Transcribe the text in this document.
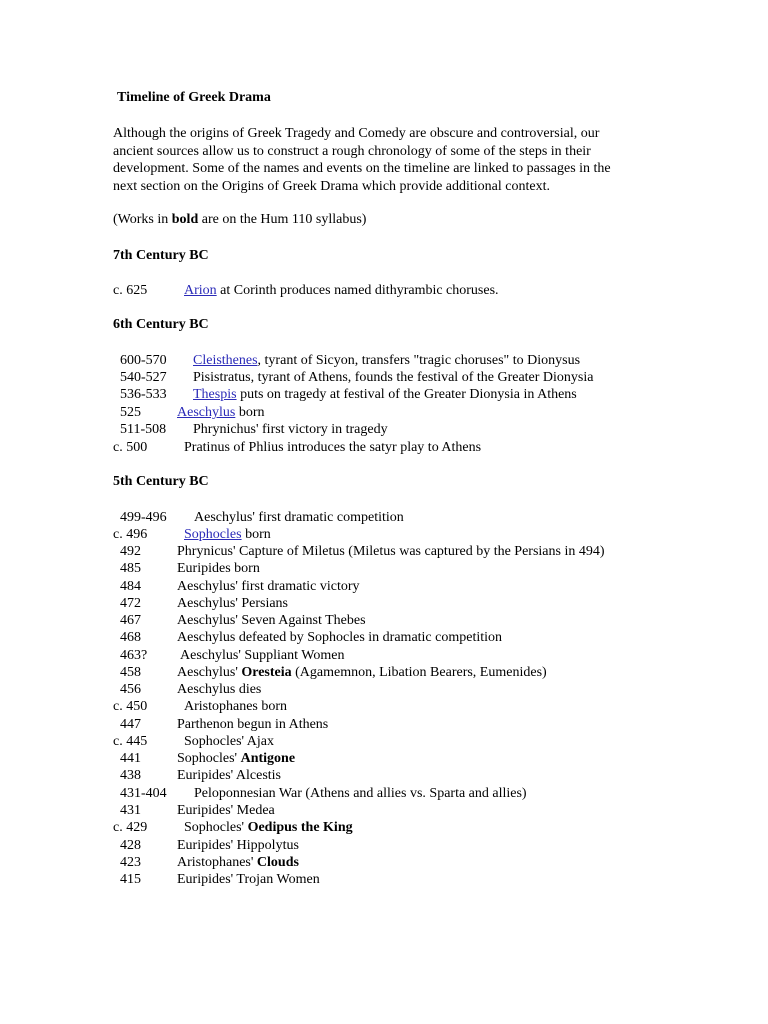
Timeline of Greek Drama
Although the origins of Greek Tragedy and Comedy are obscure and controversial, our
ancient sources allow us to construct a rough chronology of some of the steps in their
development. Some of the names and events on the timeline are linked to passages in the
next section on the Origins of Greek Drama which provide additional context.
(Works in bold are on the Hum 110 syllabus)
7th Century BC
c. 625	Arion at Corinth produces named dithyrambic choruses.
6th Century BC
600-570 Cleisthenes, tyrant of Sicyon, transfers "tragic choruses" to Dionysus
540-527 Pisistratus, tyrant of Athens, founds the festival of the Greater Dionysia
536-533 Thespis puts on tragedy at festival of the Greater Dionysia in Athens
525	Aeschylus born
511-508 Phrynichus' first victory in tragedy
c. 500	Pratinus of Phlius introduces the satyr play to Athens
5th Century BC
499-496 Aeschylus' first dramatic competition
c. 496	Sophocles born
492	Phrynicus' Capture of Miletus (Miletus was captured by the Persians in 494)
485	Euripides born
484	Aeschylus' first dramatic victory
472	Aeschylus' Persians
467	Aeschylus' Seven Against Thebes
468	Aeschylus defeated by Sophocles in dramatic competition
463? Aeschylus' Suppliant Women
458	Aeschylus' Oresteia (Agamemnon, Libation Bearers, Eumenides)
456	Aeschylus dies
c. 450	Aristophanes born
447	Parthenon begun in Athens
c. 445	Sophocles' Ajax
441	Sophocles' Antigone
438	Euripides' Alcestis
431-404 Peloponnesian War (Athens and allies vs. Sparta and allies)
431	Euripides' Medea
c. 429	Sophocles' Oedipus the King
428	Euripides' Hippolytus
423	Aristophanes' Clouds
415	Euripides' Trojan Women
